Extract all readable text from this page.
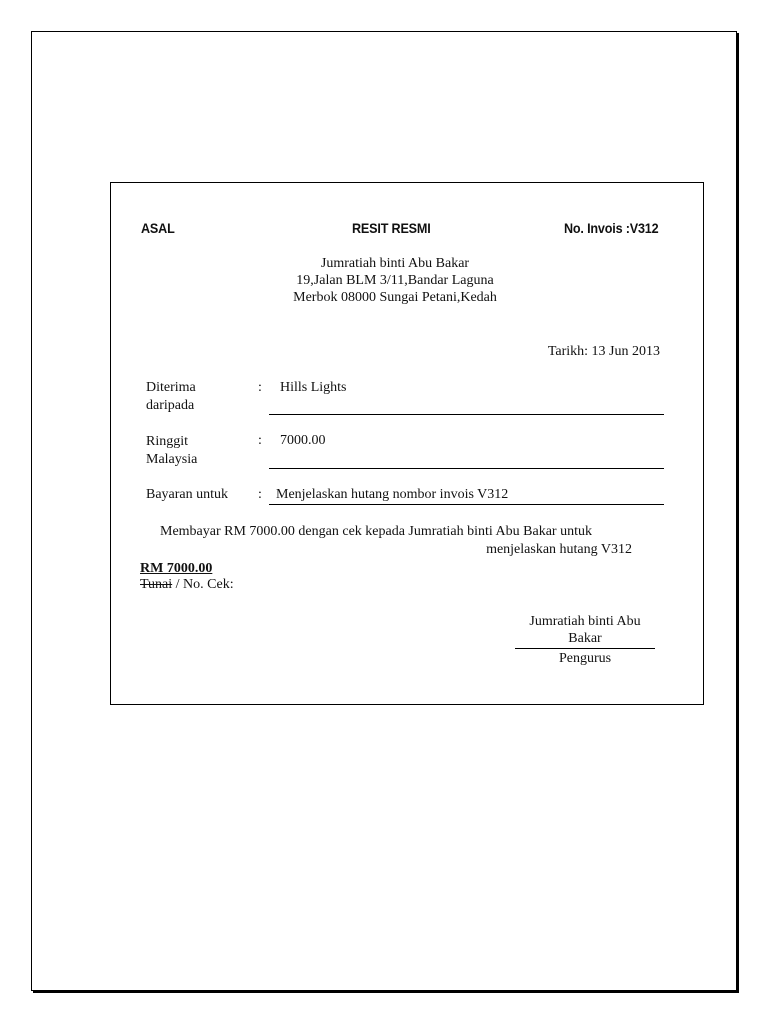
ASAL	RESIT RESMI	No. Invois :V312
Jumratiah binti Abu Bakar
19,Jalan BLM 3/11,Bandar Laguna
Merbok 08000 Sungai Petani,Kedah
Tarikh: 13 Jun 2013
Diterima
daripada
: Hills Lights
Ringgit
Malaysia
: 7000.00
Bayaran untuk	: Menjelaskan hutang nombor invois V312
Membayar RM 7000.00 dengan cek kepada Jumratiah binti Abu Bakar untuk
menjelaskan hutang V312
RM 7000.00
Tunai / No. Cek:
Jumratiah binti Abu
Bakar
Pengurus
